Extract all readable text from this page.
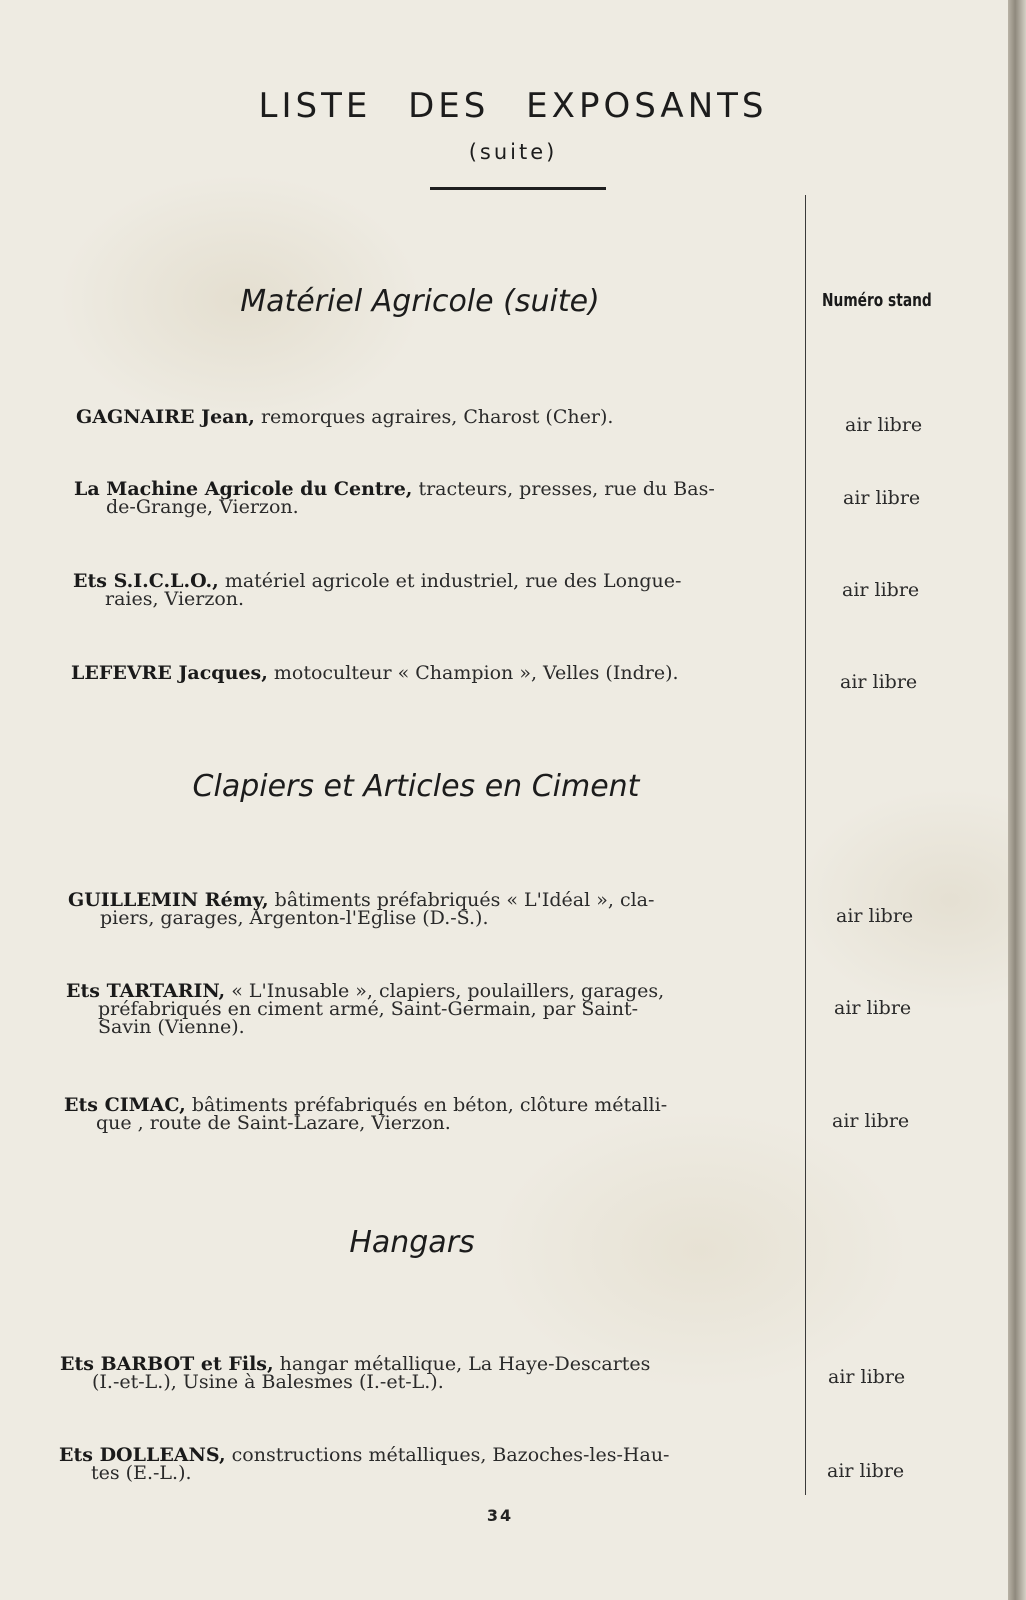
LISTE DES EXPOSANTS
(suite)
Numéro stand
Matériel Agricole (suite)
GAGNAIRE Jean, remorques agraires, Charost (Cher).	air libre
La Machine Agricole du Centre, tracteurs, presses, rue du Bas-
de-Grange, Vierzon.	air libre
Ets S.I.C.L.O., matériel agricole et industriel, rue des Longue-
raies, Vierzon.	air libre
LEFEVRE Jacques, motoculteur « Champion », Velles (Indre).	air libre
Clapiers et Articles en Ciment
GUILLEMIN Rémy, bâtiments préfabriqués « L'Idéal », cla-
piers, garages, Argenton-l'Eglise (D.-S.).	air libre
Ets TARTARIN, « L'Inusable », clapiers, poulaillers, garages,
préfabriqués en ciment armé, Saint-Germain, par Saint-
Savin (Vienne).
air libre
Ets CIMAC, bâtiments préfabriqués en béton, clôture métalli-
que , route de Saint-Lazare, Vierzon.	air libre
Hangars
Ets BARBOT et Fils, hangar métallique, La Haye-Descartes
(I.-et-L.), Usine à Balesmes (I.-et-L.).	air libre
Ets DOLLEANS, constructions métalliques, Bazoches-les-Hau-
tes (E.-L.).	air libre
34
